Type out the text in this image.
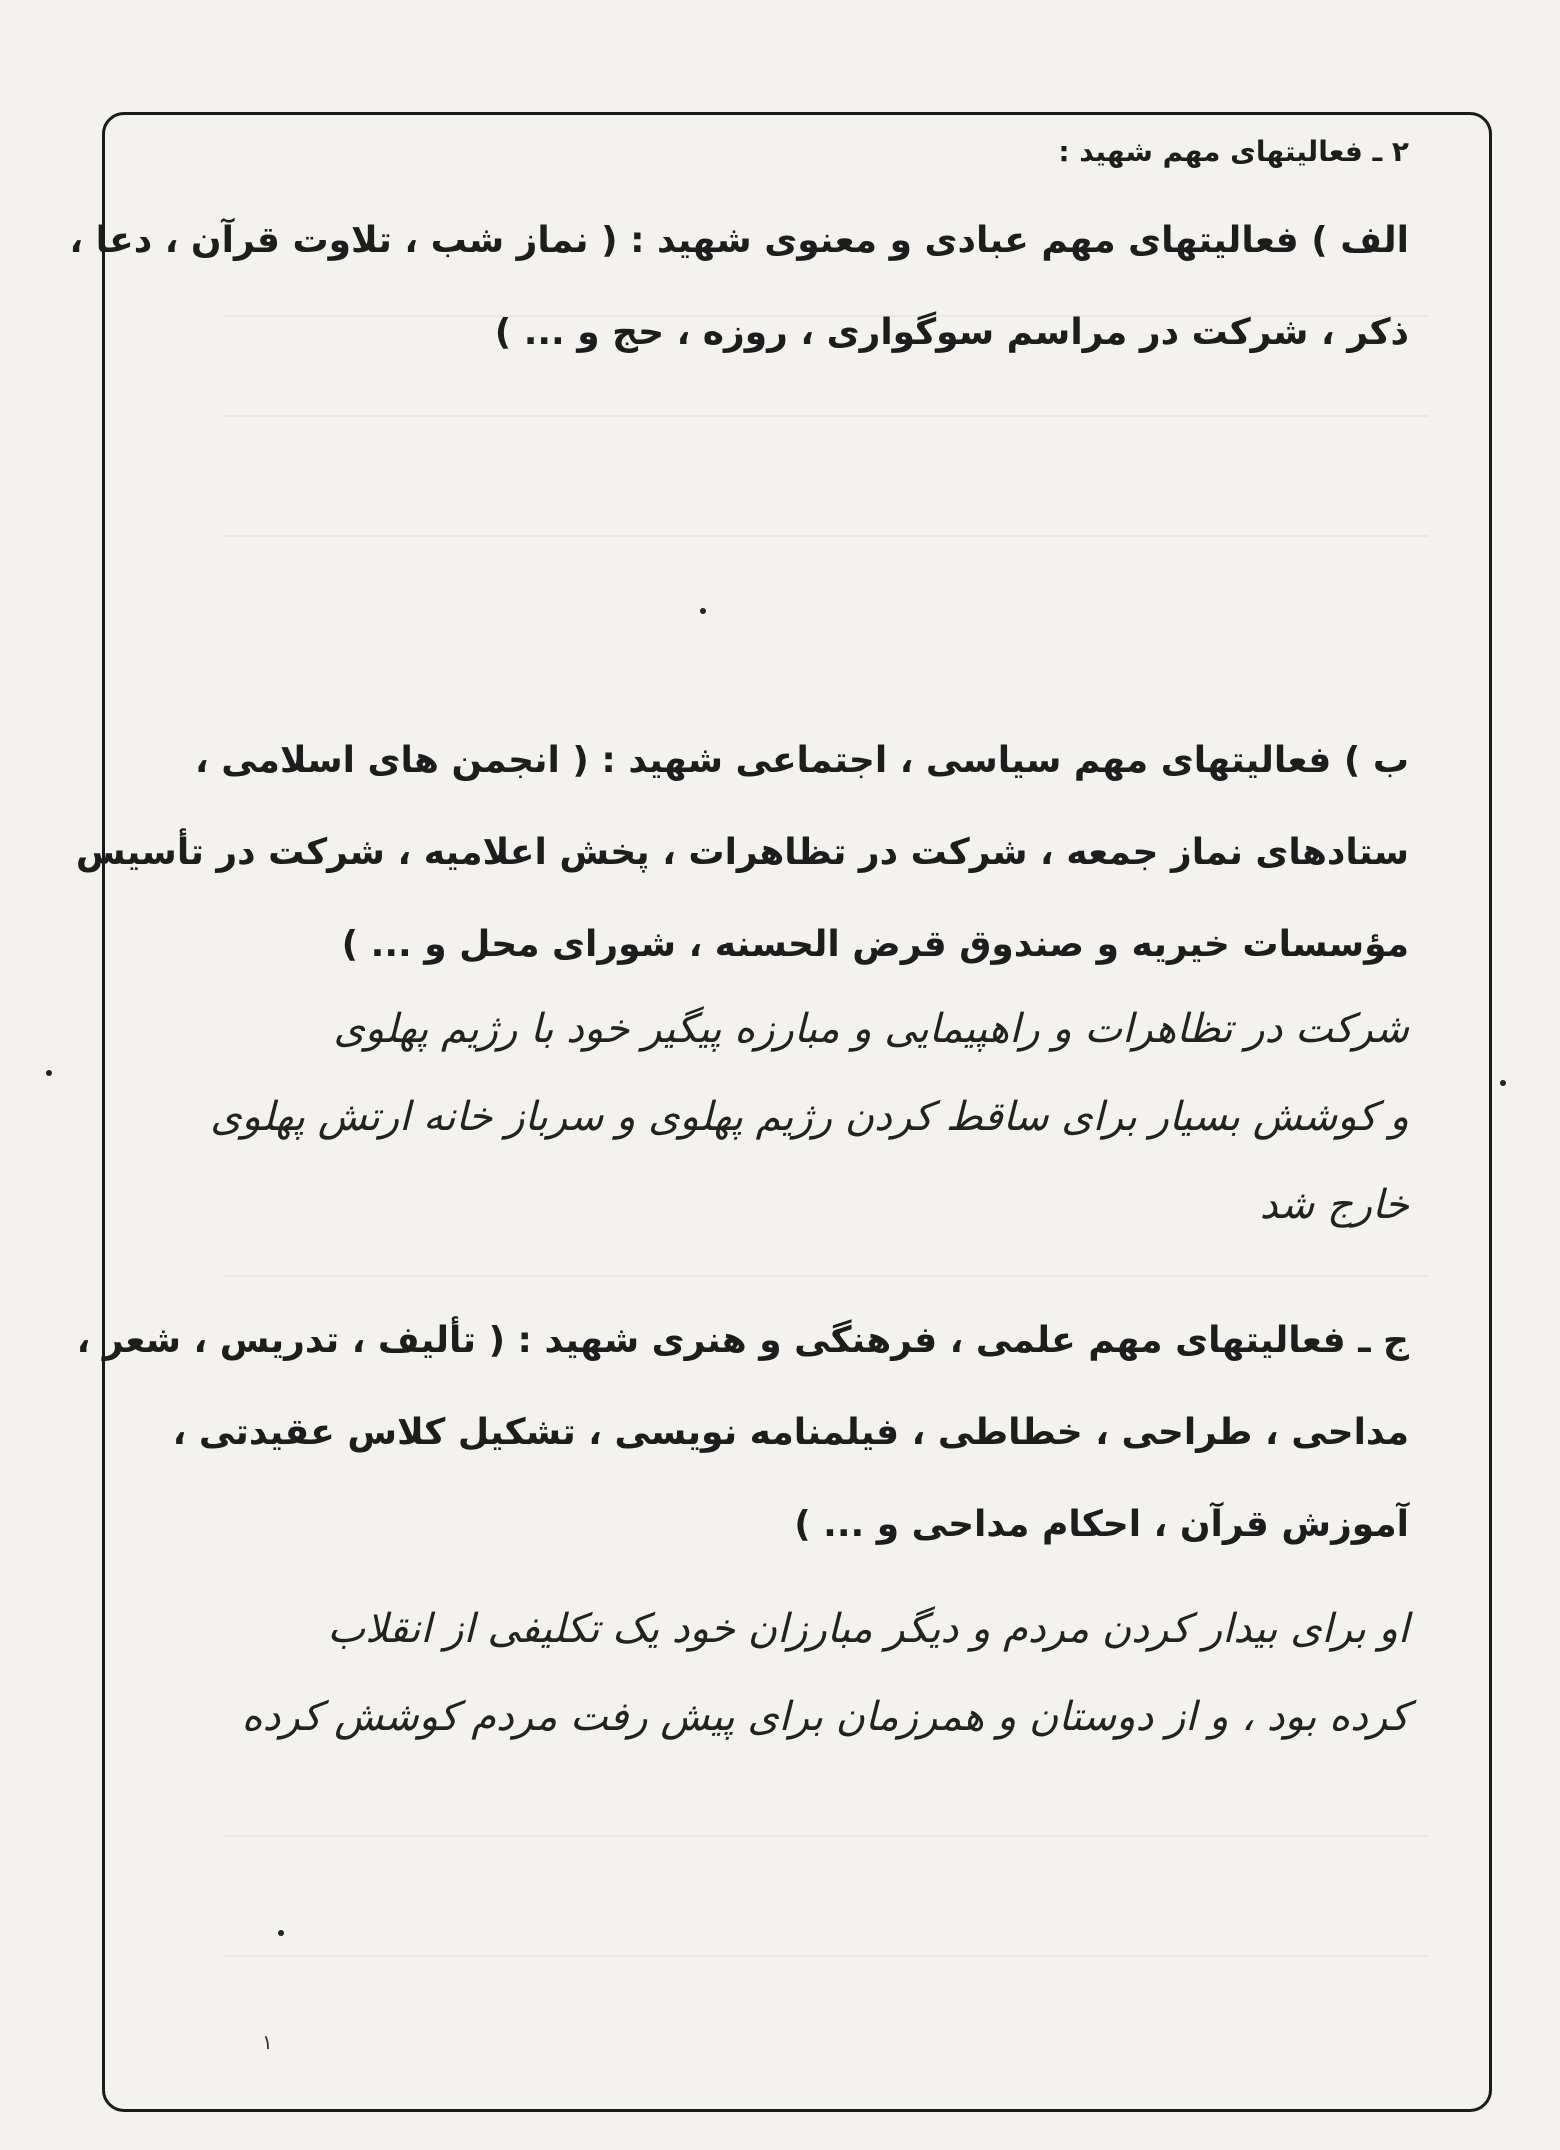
۲ ـ فعالیتهای مهم شهید :
الف ) فعالیتهای مهم عبادی و معنوی شهید : ( نماز شب ، تلاوت قرآن ، دعا ،
ذکر ، شرکت در مراسم سوگواری ، روزه ، حج و ... )
ب ) فعالیتهای مهم سیاسی ، اجتماعی شهید : ( انجمن های اسلامی ،
ستادهای نماز جمعه ، شرکت در تظاهرات ، پخش اعلامیه ، شرکت در تأسیس
مؤسسات خیریه و صندوق قرض الحسنه ، شورای محل و ... )
شرکت در تظاهرات و راهپیمایی و مبارزه پیگیر خود با رژیم پهلوی
و کوشش بسیار برای ساقط کردن رژیم پهلوی و سرباز خانه ارتش پهلوی
خارج شد
ج ـ فعالیتهای مهم علمی ، فرهنگی و هنری شهید : ( تألیف ، تدریس ، شعر ،
مداحی ، طراحی ، خطاطی ، فیلمنامه نویسی ، تشکیل کلاس عقیدتی ،
آموزش قرآن ، احکام مداحی و ... )
او برای بیدار کردن مردم و دیگر مبارزان خود یک تکلیفی از انقلاب
کرده بود ، و از دوستان و همرزمان برای پیش رفت مردم کوشش کرده
۱
